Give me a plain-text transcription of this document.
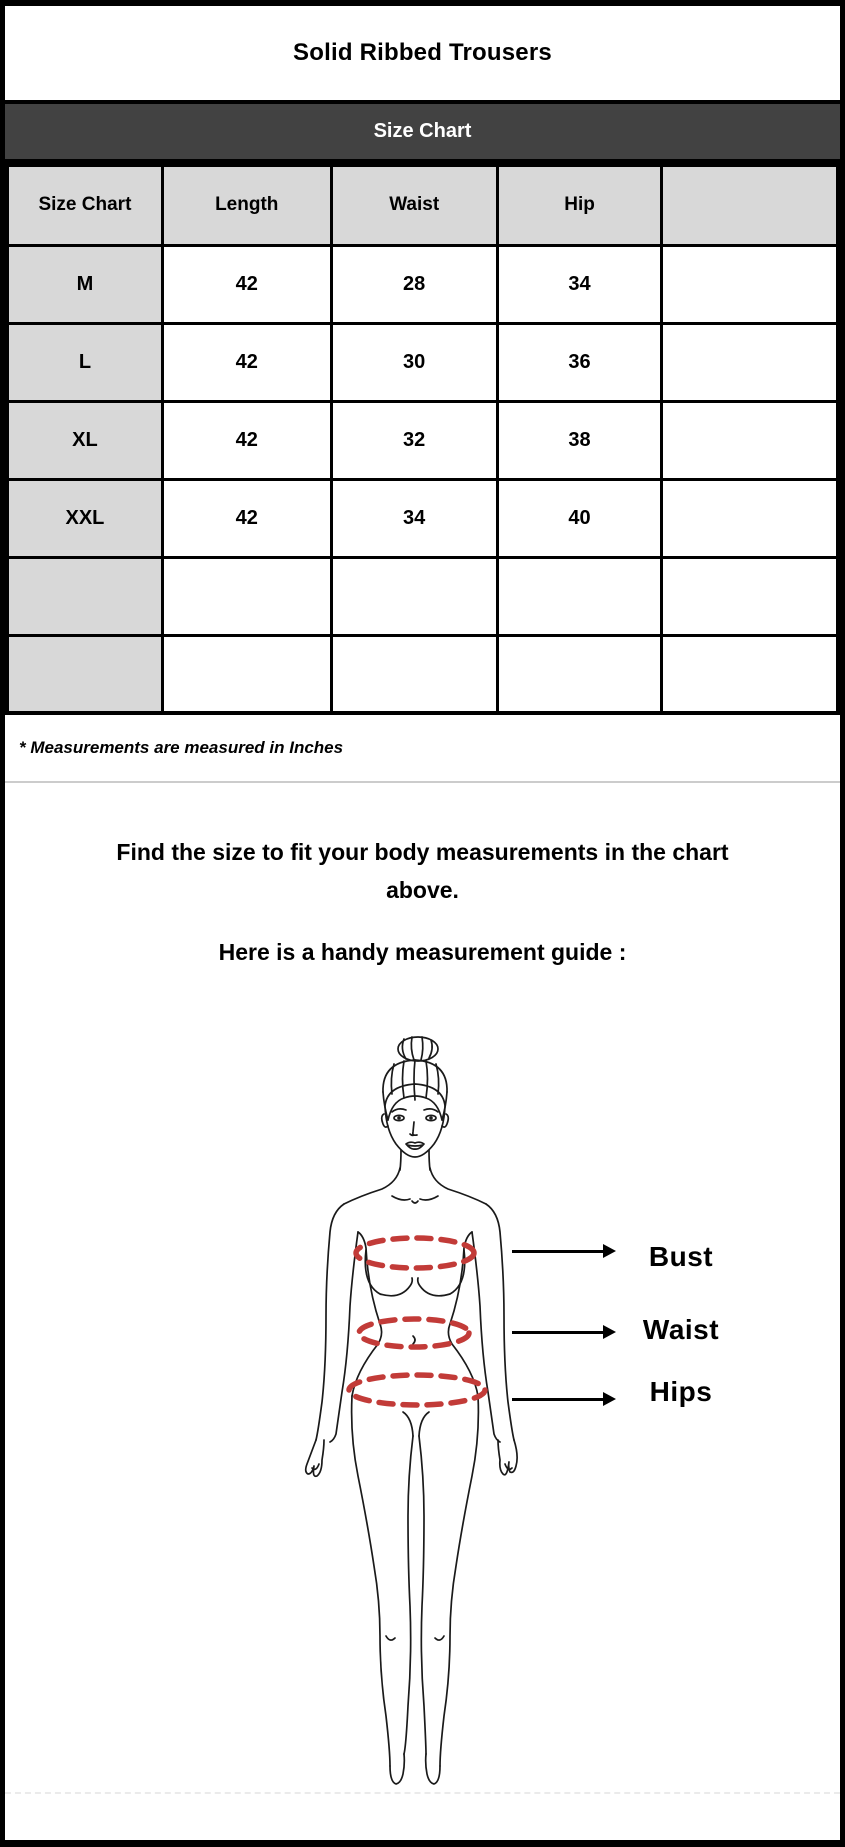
Solid Ribbed Trousers
Size Chart
Size Chart	Length	Waist	Hip	
M	42	28	34	
L	42	30	36	
XL	42	32	38	
XXL	42	34	40	

* Measurements are measured in Inches

Find the size to fit your body measurements in the chart above.

Here is a handy measurement guide :

Bust
Waist
Hips
